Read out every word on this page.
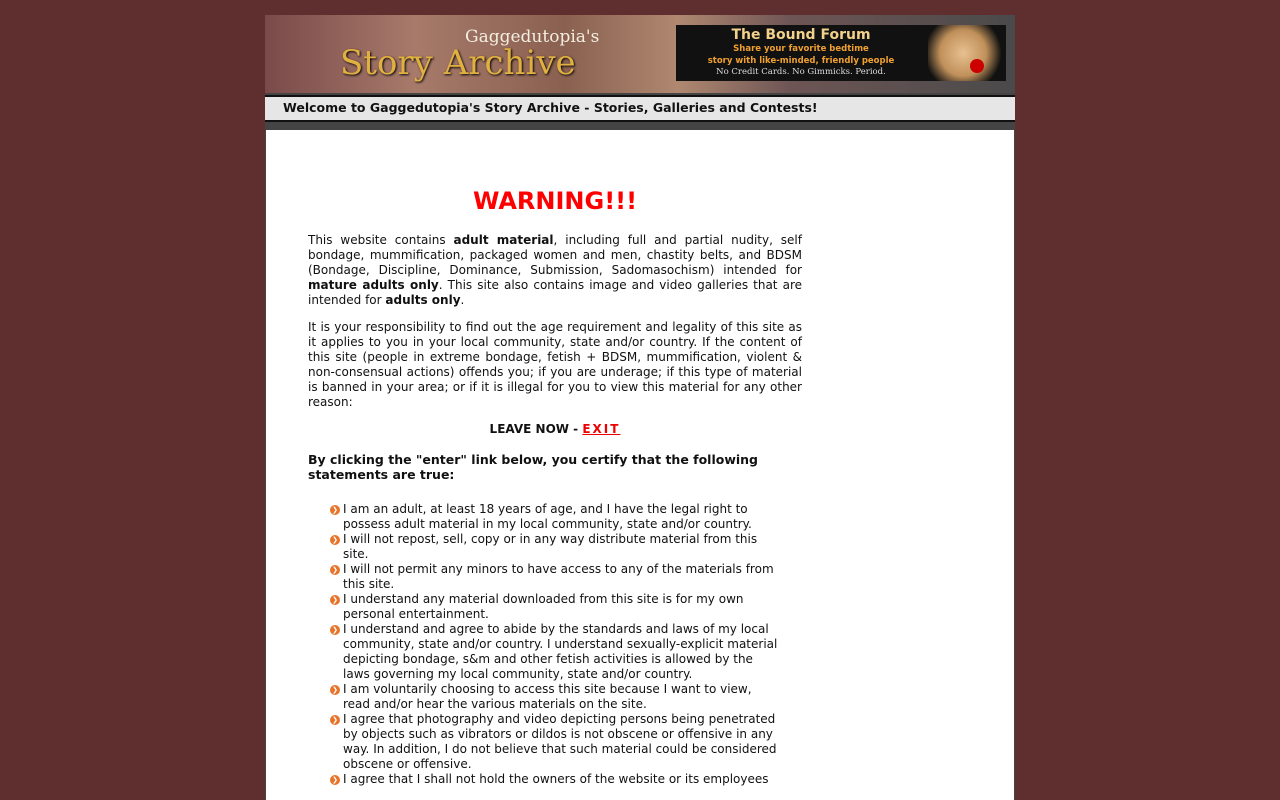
Gaggedutopia's
Story Archive
The Bound Forum
Share your favorite bedtime
story with like-minded, friendly people
No Credit Cards. No Gimmicks. Period.
Welcome to Gaggedutopia's Story Archive - Stories, Galleries and Contests!
WARNING!!!

This website contains adult material, including full and partial nudity, self bondage, mummification, packaged women and men, chastity belts, and BDSM (Bondage, Discipline, Dominance, Submission, Sadomasochism) intended for mature adults only. This site also contains image and video galleries that are intended for adults only.

It is your responsibility to find out the age requirement and legality of this site as it applies to you in your local community, state and/or country. If the content of this site (people in extreme bondage, fetish + BDSM, mummification, violent & non-consensual actions) offends you; if you are underage; if this type of material is banned in your area; or if it is illegal for you to view this material for any other reason:

LEAVE NOW - EXIT

By clicking the "enter" link below, you certify that the following statements are true:

❯ I am an adult, at least 18 years of age, and I have the legal right to possess adult material in my local community, state and/or country.
❯ I will not repost, sell, copy or in any way distribute material from this site.
❯ I will not permit any minors to have access to any of the materials from this site.
❯ I understand any material downloaded from this site is for my own personal entertainment.
❯ I understand and agree to abide by the standards and laws of my local community, state and/or country. I understand sexually-explicit material depicting bondage, s&m and other fetish activities is allowed by the laws governing my local community, state and/or country.
❯ I am voluntarily choosing to access this site because I want to view, read and/or hear the various materials on the site.
❯ I agree that photography and video depicting persons being penetrated by objects such as vibrators or dildos is not obscene or offensive in any way. In addition, I do not believe that such material could be considered obscene or offensive.
❯ I agree that I shall not hold the owners of the website or its employees
